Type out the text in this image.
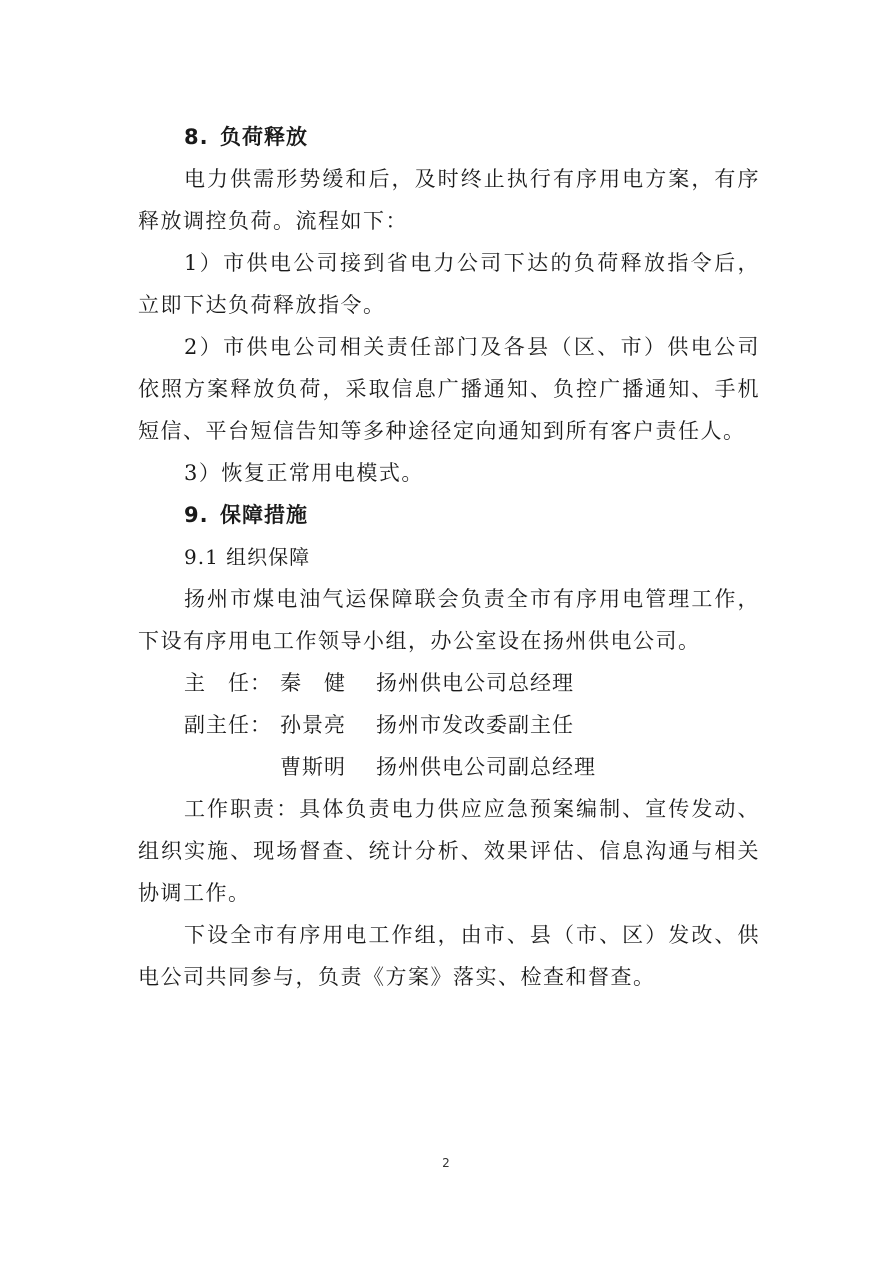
8. 负荷释放

电力供需形势缓和后，及时终止执行有序用电方案，有序释放调控负荷。流程如下：

1）市供电公司接到省电力公司下达的负荷释放指令后，立即下达负荷释放指令。

2）市供电公司相关责任部门及各县（区、市）供电公司依照方案释放负荷，采取信息广播通知、负控广播通知、手机短信、平台短信告知等多种途径定向通知到所有客户责任人。

3）恢复正常用电模式。

9. 保障措施
9.1 组织保障

扬州市煤电油气运保障联会负责全市有序用电管理工作，下设有序用电工作领导小组，办公室设在扬州供电公司。

主　任： 秦　健 扬州供电公司总经理
副主任： 孙景亮 扬州市发改委副主任
曹斯明 扬州供电公司副总经理

工作职责：具体负责电力供应应急预案编制、宣传发动、组织实施、现场督查、统计分析、效果评估、信息沟通与相关协调工作。

下设全市有序用电工作组，由市、县（市、区）发改、供电公司共同参与，负责《方案》落实、检查和督查。

2
